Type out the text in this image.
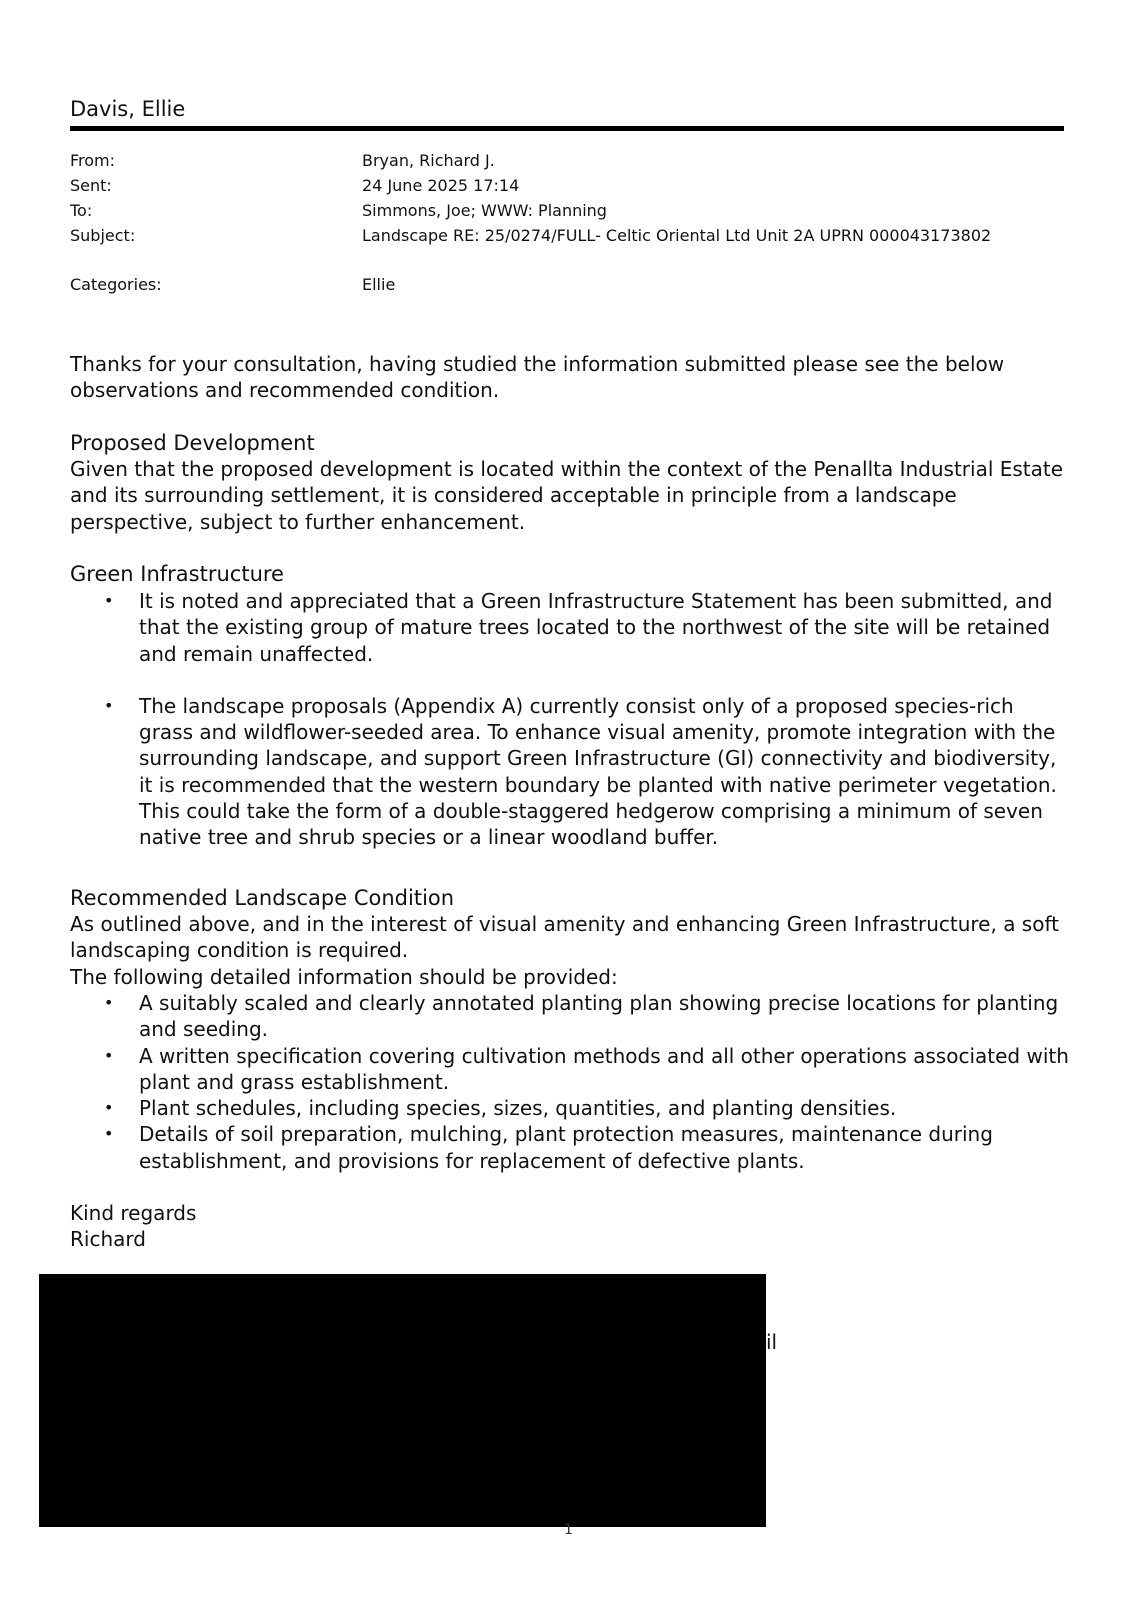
Davis, Ellie
From:	Bryan, Richard J.
Sent:	24 June 2025 17:14
To:	Simmons, Joe; WWW: Planning
Subject:	Landscape RE: 25/0274/FULL- Celtic Oriental Ltd Unit 2A UPRN 000043173802
Categories:	Ellie
Thanks for your consultation, having studied the information submitted please see the below observations and recommended condition.
Proposed Development
Given that the proposed development is located within the context of the Penallta Industrial Estate and its surrounding settlement, it is considered acceptable in principle from a landscape perspective, subject to further enhancement.
Green Infrastructure
• It is noted and appreciated that a Green Infrastructure Statement has been submitted, and that the existing group of mature trees located to the northwest of the site will be retained and remain unaffected.
• The landscape proposals (Appendix A) currently consist only of a proposed species-rich grass and wildflower-seeded area. To enhance visual amenity, promote integration with the surrounding landscape, and support Green Infrastructure (GI) connectivity and biodiversity, it is recommended that the western boundary be planted with native perimeter vegetation. This could take the form of a double-staggered hedgerow comprising a minimum of seven native tree and shrub species or a linear woodland buffer.
Recommended Landscape Condition
As outlined above, and in the interest of visual amenity and enhancing Green Infrastructure, a soft landscaping condition is required.
The following detailed information should be provided:
• A suitably scaled and clearly annotated planting plan showing precise locations for planting and seeding.
• A written specification covering cultivation methods and all other operations associated with plant and grass establishment.
• Plant schedules, including species, sizes, quantities, and planting densities.
• Details of soil preparation, mulching, plant protection measures, maintenance during establishment, and provisions for replacement of defective plants.
Kind regards
Richard
il
1
